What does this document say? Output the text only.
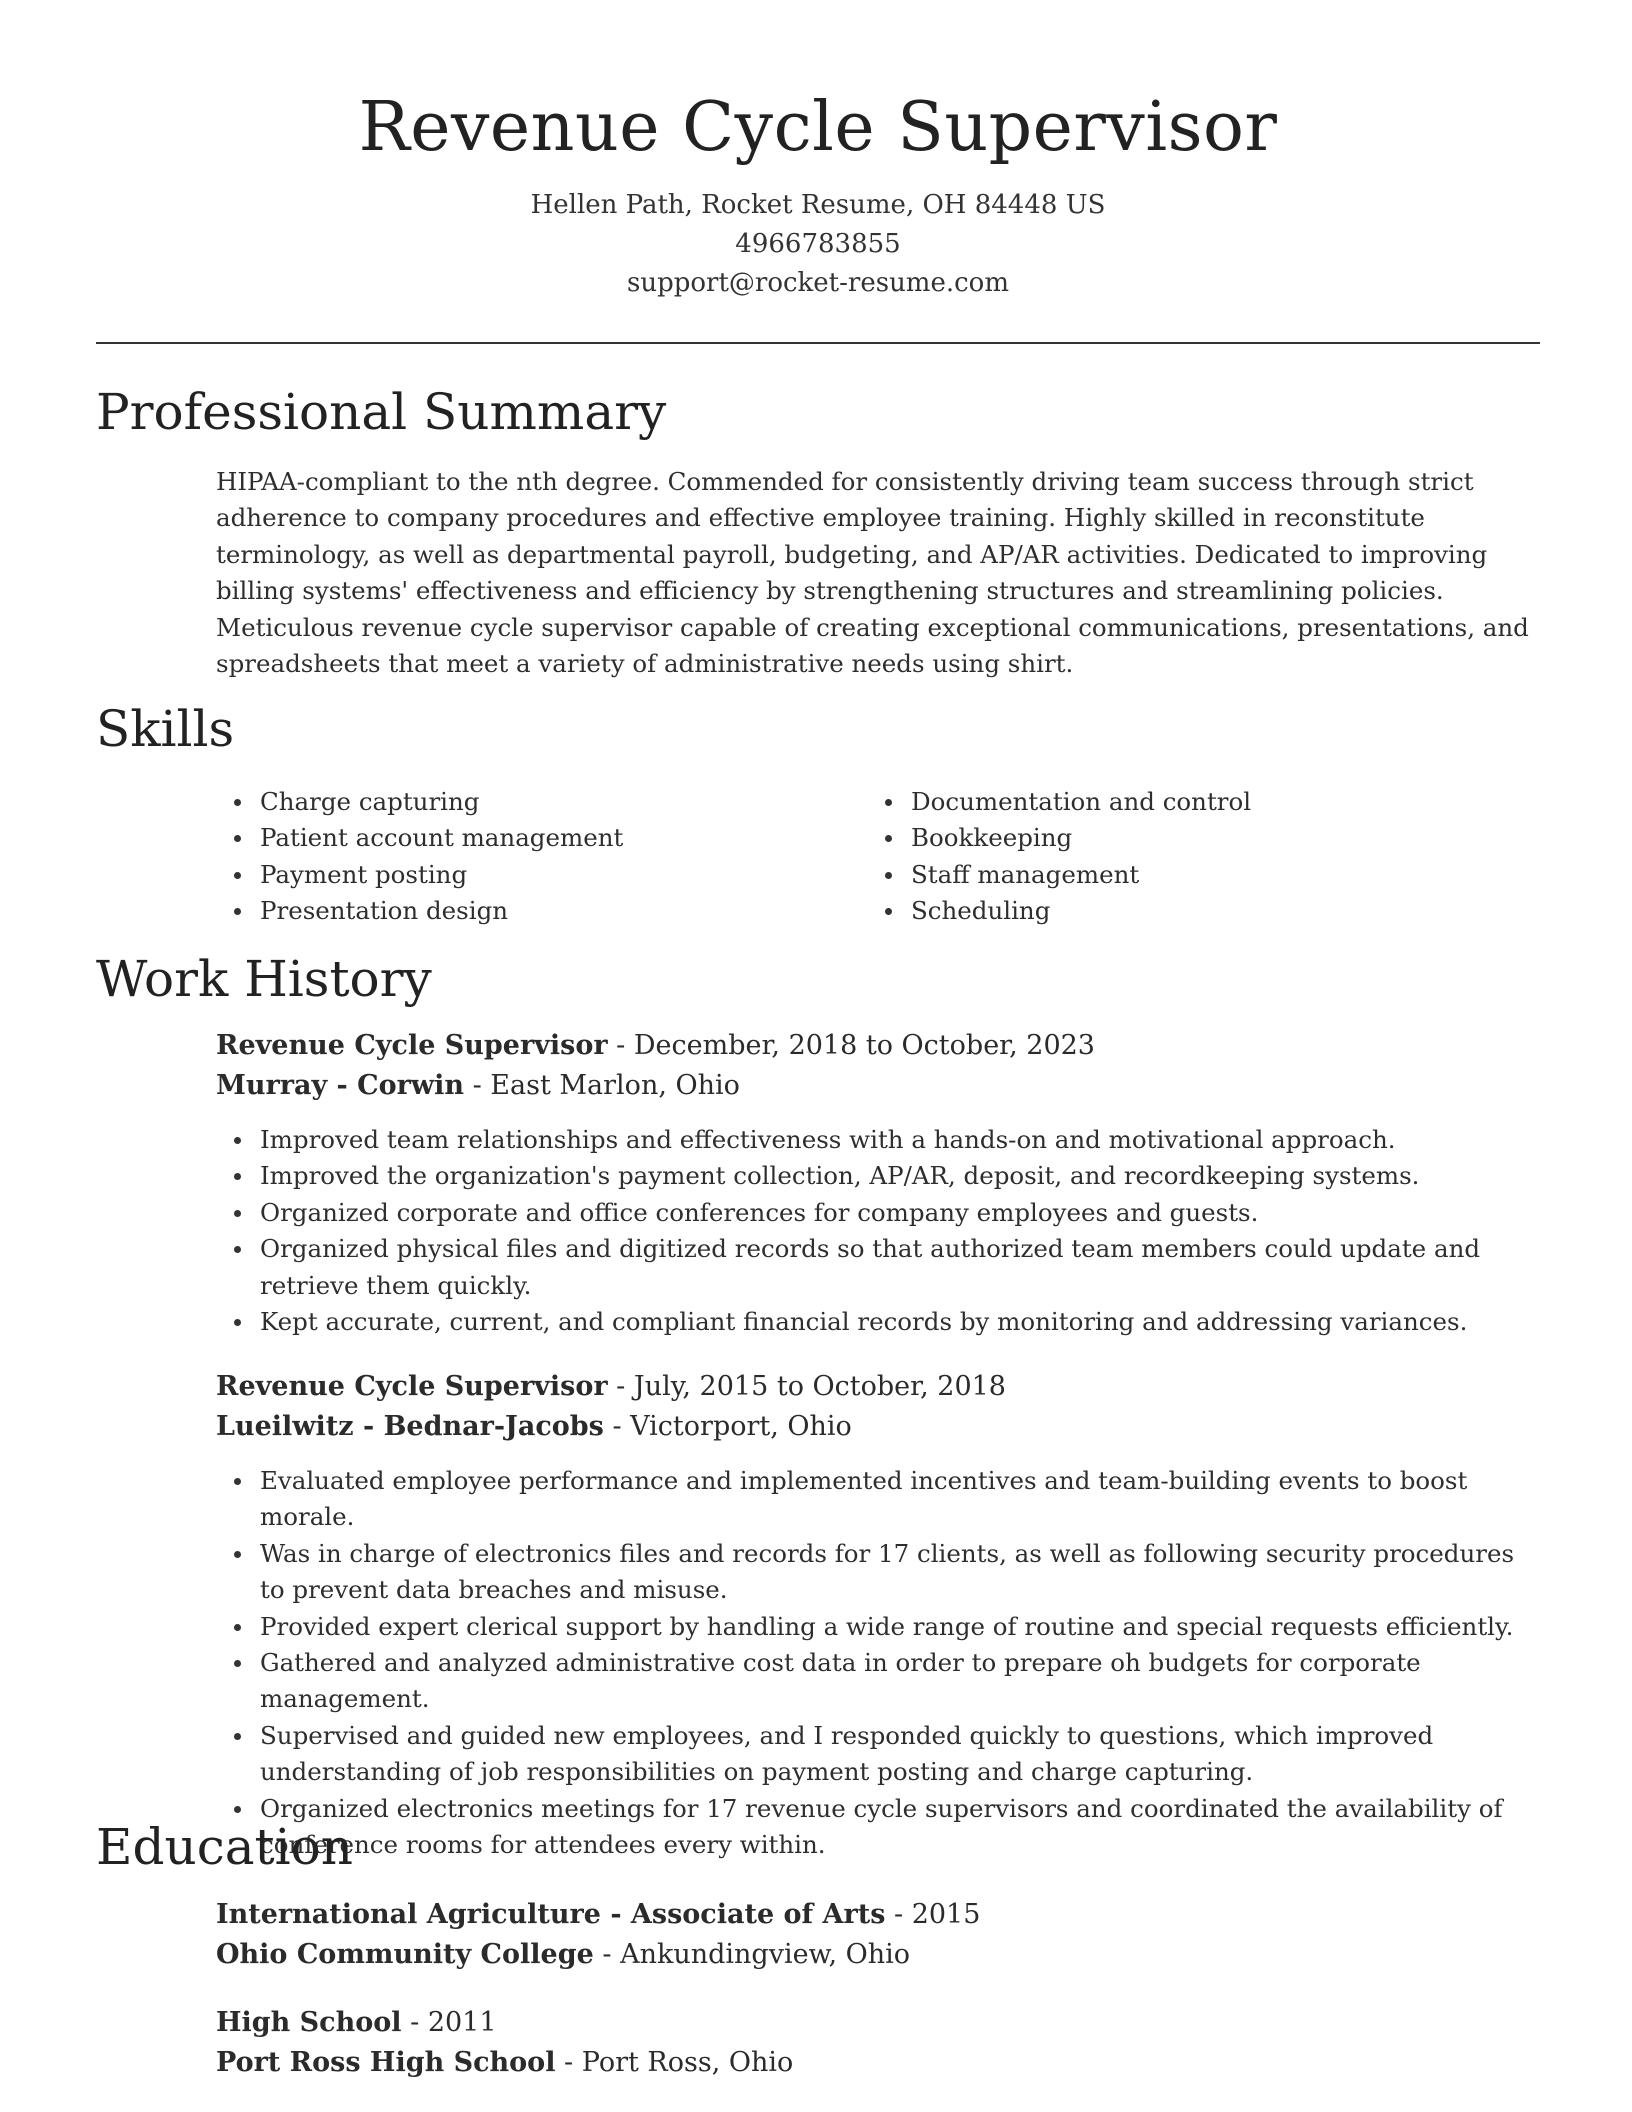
Revenue Cycle Supervisor
Hellen Path, Rocket Resume, OH 84448 US
4966783855
support@rocket-resume.com
Professional Summary

HIPAA-compliant to the nth degree. Commended for consistently driving team success through strict adherence to company procedures and effective employee training. Highly skilled in reconstitute terminology, as well as departmental payroll, budgeting, and AP/AR activities. Dedicated to improving billing systems' effectiveness and efficiency by strengthening structures and streamlining policies. Meticulous revenue cycle supervisor capable of creating exceptional communications, presentations, and spreadsheets that meet a variety of administrative needs using shirt.

Skills
Charge capturing
Patient account management
Payment posting
Presentation design
Documentation and control
Bookkeeping
Staff management
Scheduling
Work History
Revenue Cycle Supervisor - December, 2018 to October, 2023
Murray - Corwin - East Marlon, Ohio
Improved team relationships and effectiveness with a hands-on and motivational approach.
Improved the organization's payment collection, AP/AR, deposit, and recordkeeping systems.
Organized corporate and office conferences for company employees and guests.
Organized physical files and digitized records so that authorized team members could update and retrieve them quickly.
Kept accurate, current, and compliant financial records by monitoring and addressing variances.
Revenue Cycle Supervisor - July, 2015 to October, 2018
Lueilwitz - Bednar-Jacobs - Victorport, Ohio
Evaluated employee performance and implemented incentives and team-building events to boost morale.
Was in charge of electronics files and records for 17 clients, as well as following security procedures to prevent data breaches and misuse.
Provided expert clerical support by handling a wide range of routine and special requests efficiently.
Gathered and analyzed administrative cost data in order to prepare oh budgets for corporate management.
Supervised and guided new employees, and I responded quickly to questions, which improved understanding of job responsibilities on payment posting and charge capturing.
Organized electronics meetings for 17 revenue cycle supervisors and coordinated the availability of conference rooms for attendees every within.
Education
International Agriculture - Associate of Arts - 2015
Ohio Community College - Ankundingview, Ohio
High School - 2011
Port Ross High School - Port Ross, Ohio
